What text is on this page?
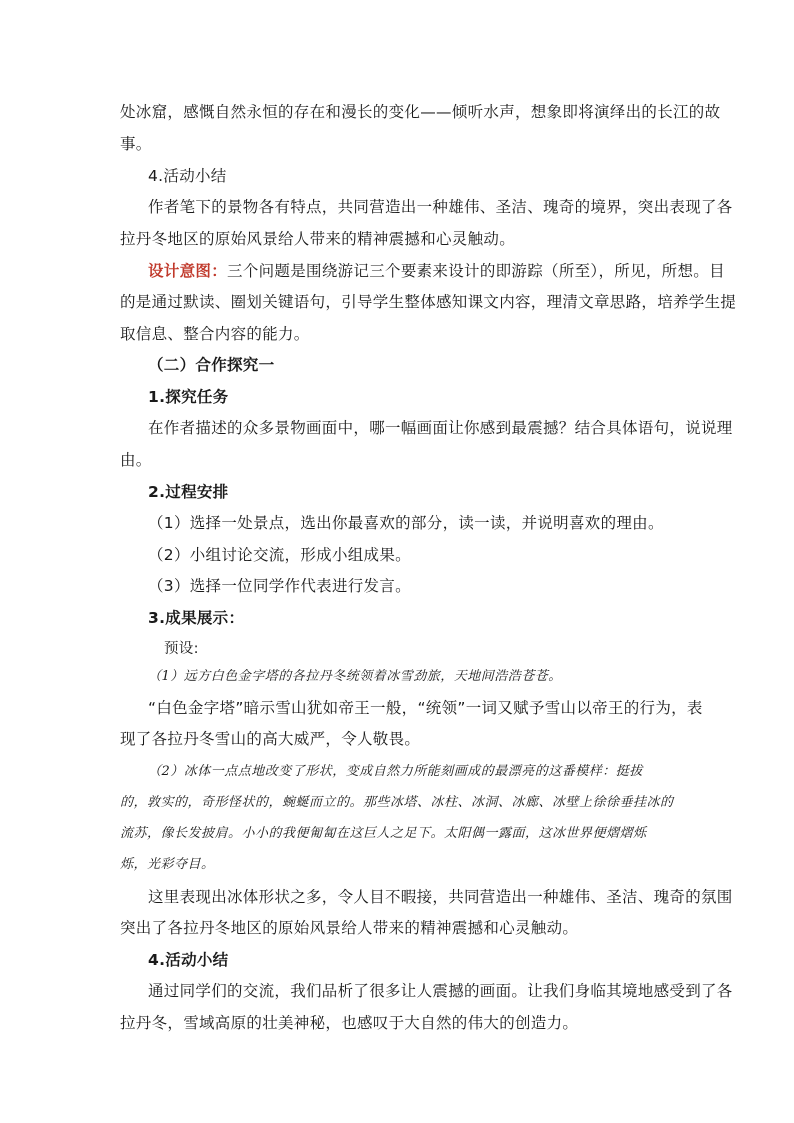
处冰窟，感慨自然永恒的存在和漫长的变化——倾听水声，想象即将演绎出的长江的故

事。

4.活动小结

作者笔下的景物各有特点，共同营造出一种雄伟、圣洁、瑰奇的境界，突出表现了各

拉丹冬地区的原始风景给人带来的精神震撼和心灵触动。

设计意图：三个问题是围绕游记三个要素来设计的即游踪（所至），所见，所想。目

的是通过默读、圈划关键语句，引导学生整体感知课文内容，理清文章思路，培养学生提

取信息、整合内容的能力。

（二）合作探究一

1.探究任务

在作者描述的众多景物画面中，哪一幅画面让你感到最震撼？结合具体语句，说说理

由。

2.过程安排

（1）选择一处景点，选出你最喜欢的部分，读一读，并说明喜欢的理由。

（2）小组讨论交流，形成小组成果。

（3）选择一位同学作代表进行发言。

3.成果展示：

预设:

（1）远方白色金字塔的各拉丹冬统领着冰雪劲旅，天地间浩浩苍苍。

“白色金字塔”暗示雪山犹如帝王一般，“统领”一词又赋予雪山以帝王的行为，表

现了各拉丹冬雪山的高大威严，令人敬畏。

（2）冰体一点点地改变了形状，变成自然力所能刻画成的最漂亮的这番模样：挺拔

的，敦实的，奇形怪状的，蜿蜒而立的。那些冰塔、冰柱、冰洞、冰廊、冰壁上徐徐垂挂冰的

流苏，像长发披肩。小小的我便匍匐在这巨人之足下。太阳偶一露面，这冰世界便熠熠烁

烁，光彩夺目。

这里表现出冰体形状之多，令人目不暇接，共同营造出一种雄伟、圣洁、瑰奇的氛围

突出了各拉丹冬地区的原始风景给人带来的精神震撼和心灵触动。

4.活动小结

通过同学们的交流，我们品析了很多让人震撼的画面。让我们身临其境地感受到了各

拉丹冬，雪域高原的壮美神秘，也感叹于大自然的伟大的创造力。
